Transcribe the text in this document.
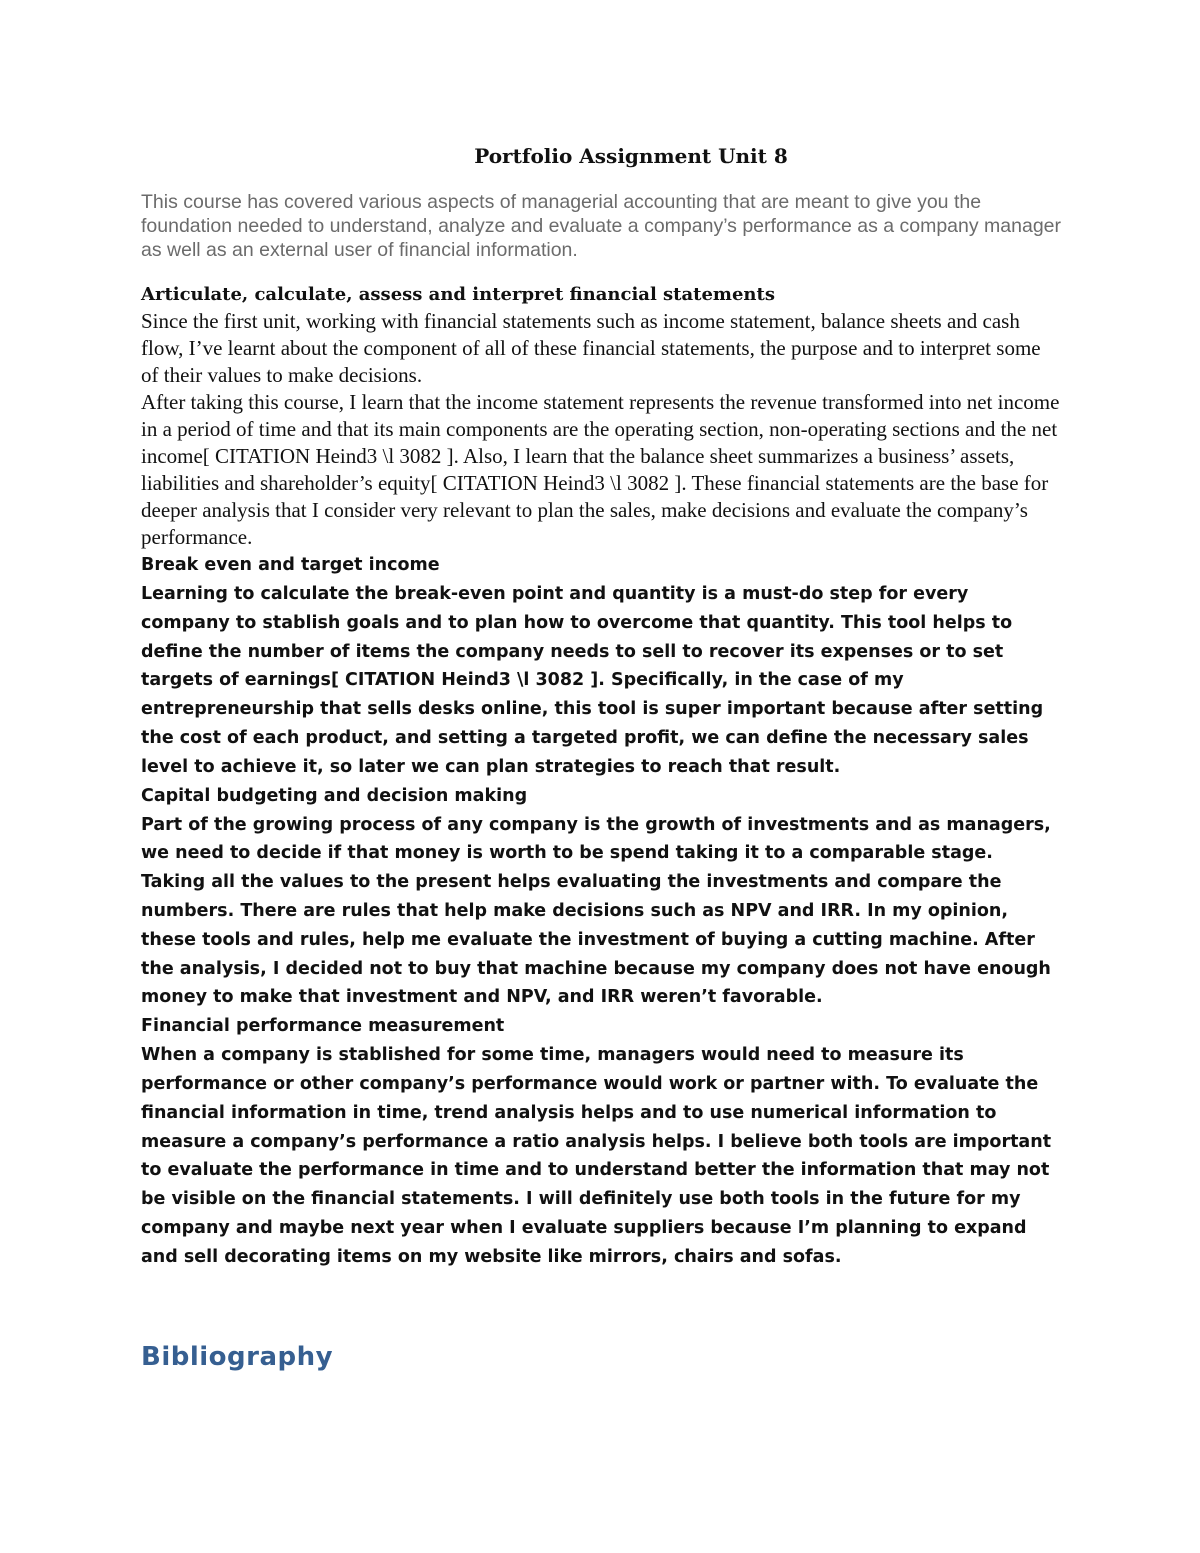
Portfolio Assignment Unit 8

This course has covered various aspects of managerial accounting that are meant to give you the foundation needed to understand, analyze and evaluate a company’s performance as a company manager as well as an external user of financial information.

Articulate, calculate, assess and interpret financial statements

Since the first unit, working with financial statements such as income statement, balance sheets and cash flow, I’ve learnt about the component of all of these financial statements, the purpose and to interpret some of their values to make decisions.

After taking this course, I learn that the income statement represents the revenue transformed into net income in a period of time and that its main components are the operating section, non-operating sections and the net income[ CITATION Heind3 \l 3082 ]. Also, I learn that the balance sheet summarizes a business’ assets, liabilities and shareholder’s equity[ CITATION Heind3 \l 3082 ]. These financial statements are the base for deeper analysis that I consider very relevant to plan the sales, make decisions and evaluate the company’s performance.

Break even and target income

Learning to calculate the break-even point and quantity is a must-do step for every company to stablish goals and to plan how to overcome that quantity. This tool helps to define the number of items the company needs to sell to recover its expenses or to set targets of earnings[ CITATION Heind3 \l 3082 ]. Specifically, in the case of my entrepreneurship that sells desks online, this tool is super important because after setting the cost of each product, and setting a targeted profit, we can define the necessary sales level to achieve it, so later we can plan strategies to reach that result.

Capital budgeting and decision making

Part of the growing process of any company is the growth of investments and as managers, we need to decide if that money is worth to be spend taking it to a comparable stage. Taking all the values to the present helps evaluating the investments and compare the numbers. There are rules that help make decisions such as NPV and IRR. In my opinion, these tools and rules, help me evaluate the investment of buying a cutting machine. After the analysis, I decided not to buy that machine because my company does not have enough money to make that investment and NPV, and IRR weren’t favorable.

Financial performance measurement

When a company is stablished for some time, managers would need to measure its performance or other company’s performance would work or partner with. To evaluate the financial information in time, trend analysis helps and to use numerical information to measure a company’s performance a ratio analysis helps. I believe both tools are important to evaluate the performance in time and to understand better the information that may not be visible on the financial statements. I will definitely use both tools in the future for my company and maybe next year when I evaluate suppliers because I’m planning to expand and sell decorating items on my website like mirrors, chairs and sofas.

Bibliography
